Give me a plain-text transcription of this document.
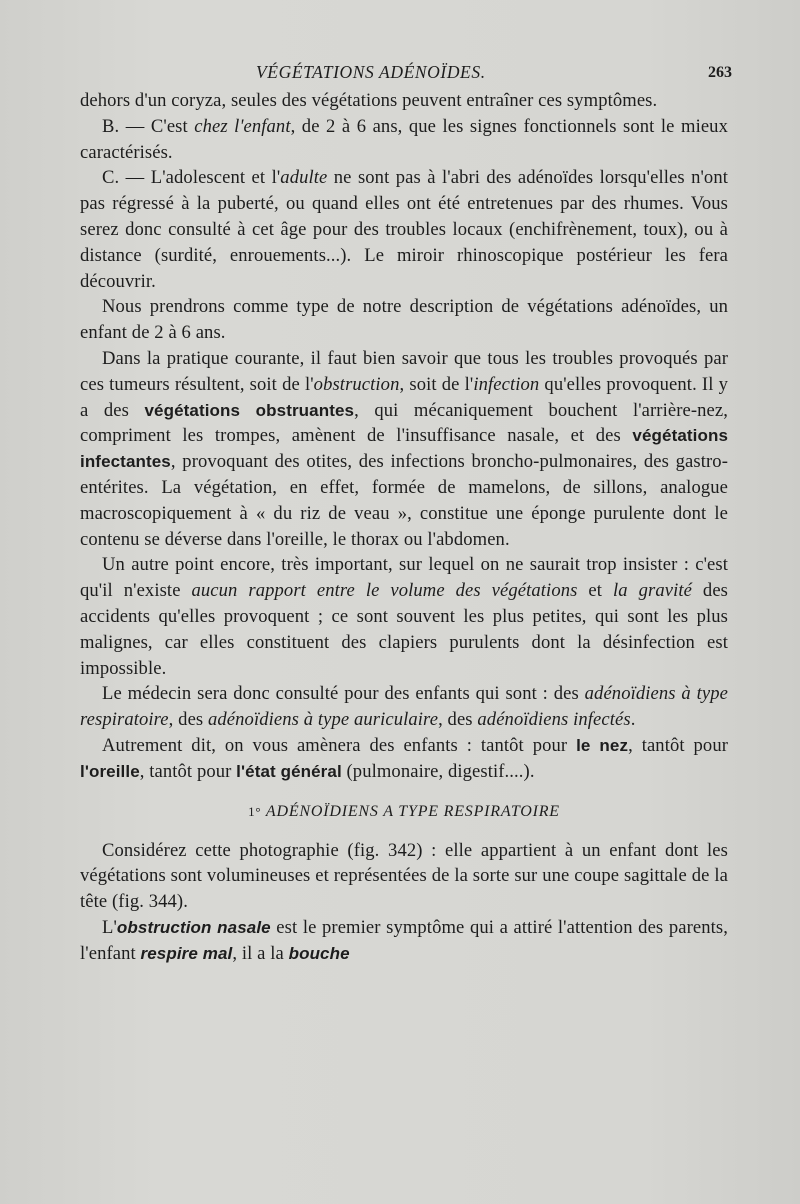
VÉGÉTATIONS ADÉNOÏDES.	263

dehors d'un coryza, seules des végétations peuvent entraîner ces symptômes.

B. — C'est chez l'enfant, de 2 à 6 ans, que les signes fonctionnels sont le mieux caractérisés.

C. — L'adolescent et l'adulte ne sont pas à l'abri des adénoïdes lorsqu'elles n'ont pas régressé à la puberté, ou quand elles ont été entretenues par des rhumes. Vous serez donc consulté à cet âge pour des troubles locaux (enchifrènement, toux), ou à distance (surdité, enrouements...). Le miroir rhinoscopique postérieur les fera découvrir.

Nous prendrons comme type de notre description de végétations adénoïdes, un enfant de 2 à 6 ans.

Dans la pratique courante, il faut bien savoir que tous les troubles provoqués par ces tumeurs résultent, soit de l'obstruction, soit de l'infection qu'elles provoquent. Il y a des végétations obstruantes, qui mécaniquement bouchent l'arrière-nez, compriment les trompes, amènent de l'insuffisance nasale, et des végétations infectantes, provoquant des otites, des infections broncho-pulmonaires, des gastro-entérites. La végétation, en effet, formée de mamelons, de sillons, analogue macroscopiquement à « du riz de veau », constitue une éponge purulente dont le contenu se déverse dans l'oreille, le thorax ou l'abdomen.

Un autre point encore, très important, sur lequel on ne saurait trop insister : c'est qu'il n'existe aucun rapport entre le volume des végétations et la gravité des accidents qu'elles provoquent ; ce sont souvent les plus petites, qui sont les plus malignes, car elles constituent des clapiers purulents dont la désinfection est impossible.

Le médecin sera donc consulté pour des enfants qui sont : des adénoïdiens à type respiratoire, des adénoïdiens à type auriculaire, des adénoïdiens infectés.

Autrement dit, on vous amènera des enfants : tantôt pour le nez, tantôt pour l'oreille, tantôt pour l'état général (pulmonaire, digestif....).

1° ADÉNOÏDIENS A TYPE RESPIRATOIRE

Considérez cette photographie (fig. 342) : elle appartient à un enfant dont les végétations sont volumineuses et représentées de la sorte sur une coupe sagittale de la tête (fig. 344).

L'obstruction nasale est le premier symptôme qui a attiré l'attention des parents, l'enfant respire mal, il a la bouche
